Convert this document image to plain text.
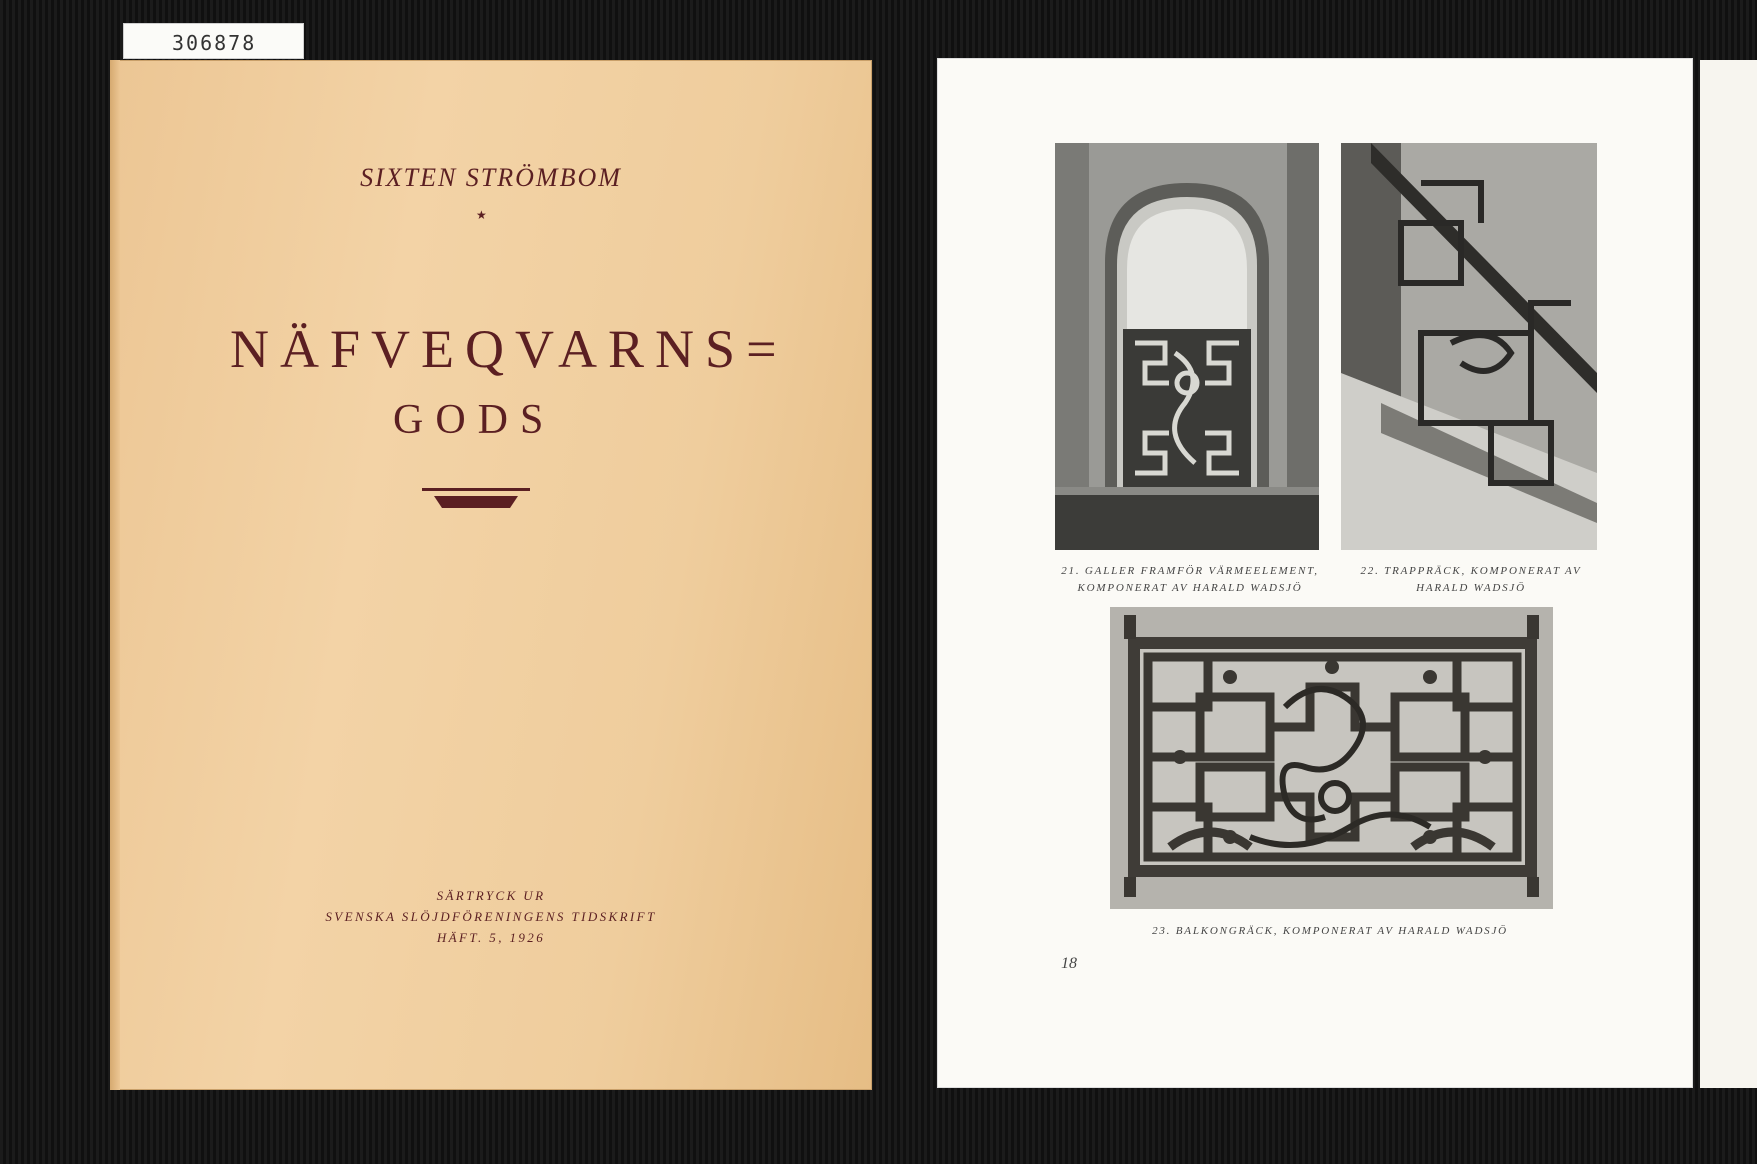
306878
SIXTEN STRÖMBOM
★
NÄFVEQVARNS=
GODS
SÄRTRYCK UR
SVENSKA SLÖJDFÖRENINGENS TIDSKRIFT
HÄFT. 5, 1926
21. GALLER FRAMFÖR VÄRMEELEMENT,
KOMPONERAT AV HARALD WADSJÖ
22. TRAPPRÄCK, KOMPONERAT AV
HARALD WADSJÖ
23. BALKONGRÄCK, KOMPONERAT AV HARALD WADSJÖ
18
